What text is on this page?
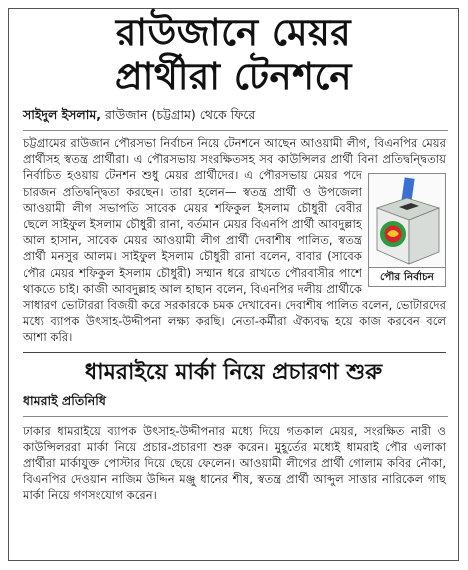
রাউজানে মেয়র
প্রার্থীরা টেনশনে
সাইদুল ইসলাম, রাউজান (চট্টগ্রাম) থেকে ফিরে
চট্টগ্রামের রাউজান পৌরসভা নির্বাচন নিয়ে টেনশনে আছেন আওয়ামী লীগ, বিএনপির মেয়র প্রার্থীসহ স্বতন্ত্র প্রার্থীরা। এ পৌরসভায় সংরক্ষিতসহ সব কাউন্সিলর প্রার্থী বিনা প্রতিদ্বন্দ্বিতায় নির্বাচিত হওয়ায় টেনশন শুধু মেয়র প্রার্থীদের। এ
পৌর নির্বাচন
পৌরসভায় মেয়র পদে চারজন প্রতিদ্বন্দ্বিতা করছেন। তারা হলেন— স্বতন্ত্র প্রার্থী ও উপজেলা আওয়ামী লীগ সভাপতি সাবেক মেয়র শফিকুল ইসলাম চৌধুরী বেবীর ছেলে সাইফুল ইসলাম চৌধুরী রানা, বর্তমান মেয়র বিএনপি প্রার্থী আবদুল্লাহ আল হাসান, সাবেক মেয়র আওয়ামী লীগ প্রার্থী দেবাশীষ পালিত, স্বতন্ত্র প্রার্থী মনসুর আলম। সাইফুল ইসলাম চৌধুরী রানা বলেন, বাবার (সাবেক পৌর মেয়র শফিকুল ইসলাম চৌধুরী) সম্মান ধরে রাখতে পৌরবাসীর পাশে থাকতে চাই। কাজী আবদুল্লাহ আল হাছান বলেন, বিএনপির দলীয় প্রার্থীকে সাধারণ ভোটাররা বিজয়ী করে সরকারকে চমক দেখাবেন। দেবাশীষ পালিত বলেন, ভোটারদের মধ্যে ব্যাপক উৎসাহ-উদ্দীপনা লক্ষ্য করছি। নেতা-কর্মীরা ঐক্যবদ্ধ হয়ে কাজ করবেন বলে আশা করি।
ধামরাইয়ে মার্কা নিয়ে প্রচারণা শুরু
ধামরাই প্রতিনিধি
ঢাকার ধামরাইয়ে ব্যাপক উৎসাহ-উদ্দীপনার মধ্যে দিয়ে গতকাল মেয়র, সংরক্ষিত নারী ও কাউন্সিলররা মার্কা নিয়ে প্রচার-প্রচারণা শুরু করেন। মুহূর্তের মধ্যেই ধামরাই পৌর এলাকা প্রার্থীরা মার্কাযুক্ত পোস্টার দিয়ে ছেয়ে ফেলেন। আওয়ামী লীগের প্রার্থী গোলাম কবির নৌকা, বিএনপির দেওয়ান নাজিম উদ্দিন মঞ্জু ধানের শীষ, স্বতন্ত্র প্রার্থী আব্দুল সাত্তার নারিকেল গাছ মার্কা নিয়ে গণসংযোগ করেন।
